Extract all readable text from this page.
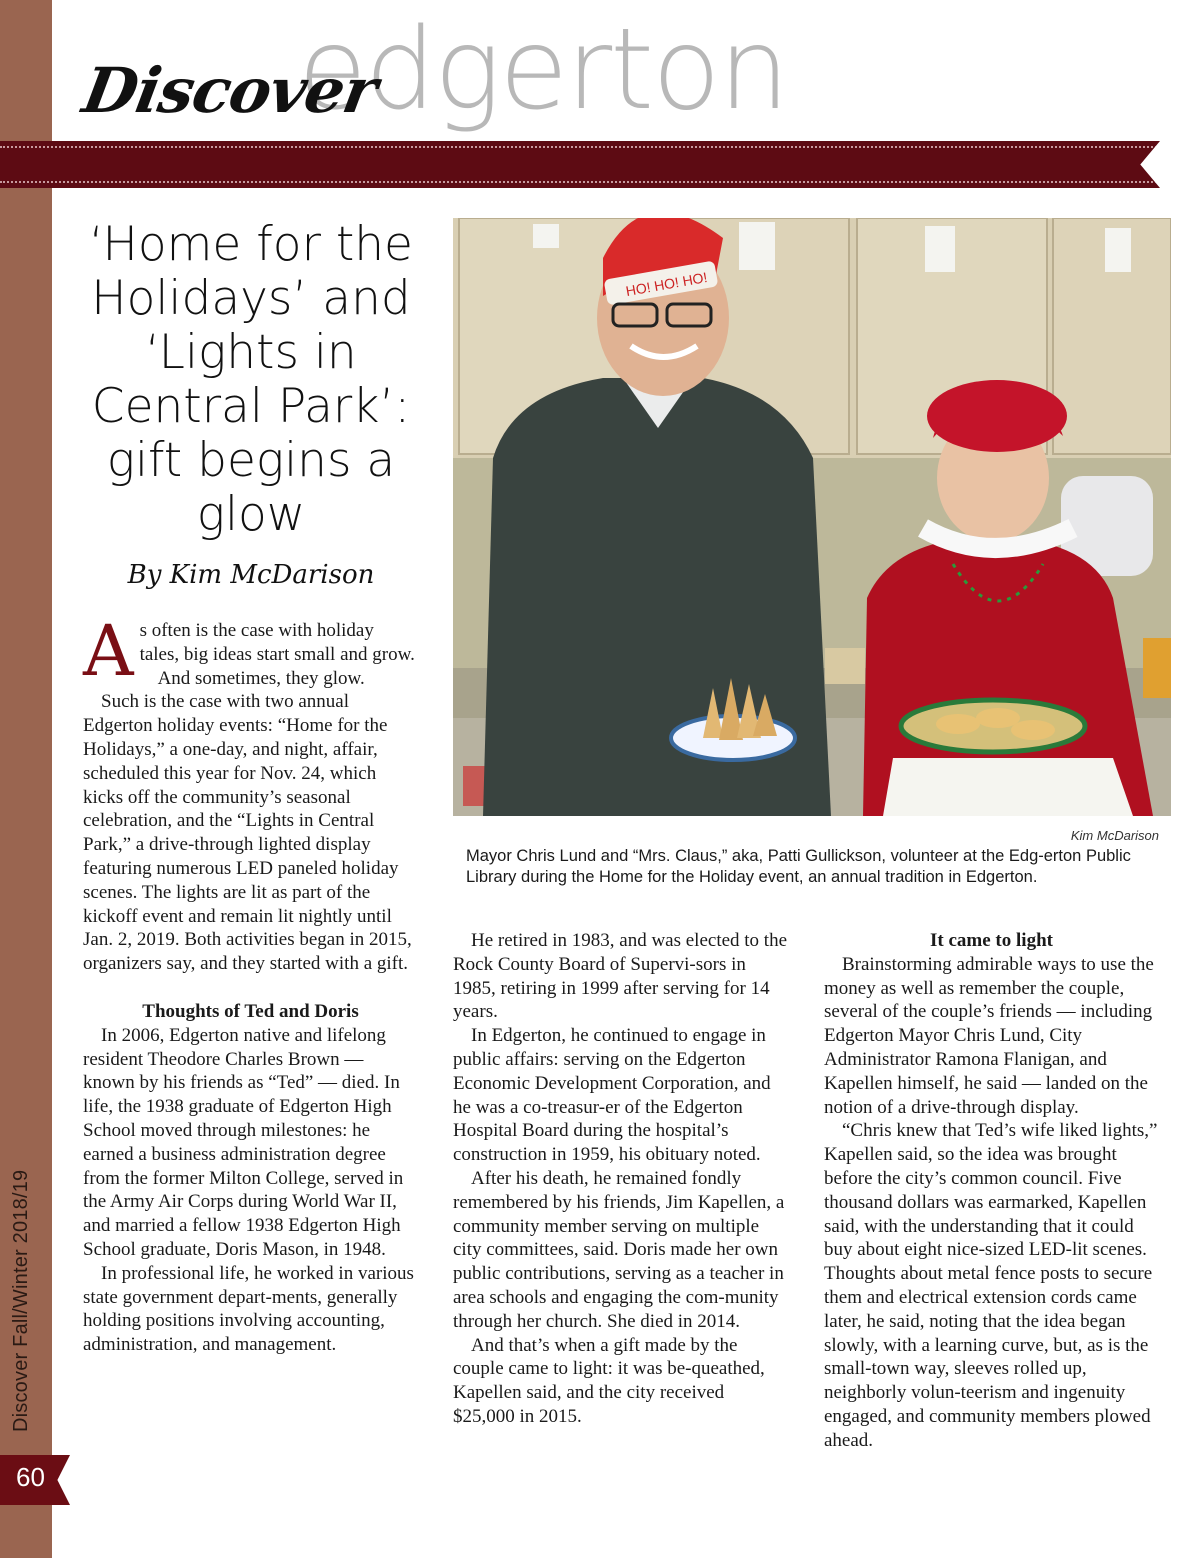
Discover Fall/Winter 2018/19
60
edgerton
Discover
‘Home for the Holidays’ and ‘Lights in Central Park’: gift begins a glow
By Kim McDarison
HO! HO! HO!
Kim McDarison
Mayor Chris Lund and “Mrs. Claus,” aka, Patti Gullickson, volunteer at the Edg-erton Public Library during the Home for the Holiday event, an annual tradition in Edgerton.

As often is the case with holiday tales, big ideas start small and grow.

And sometimes, they glow.

Such is the case with two annual Edgerton holiday events: “Home for the Holidays,” a one-day, and night, affair, scheduled this year for Nov. 24, which kicks off the community’s seasonal celebration, and the “Lights in Central Park,” a drive-through lighted display featuring numerous LED paneled holiday scenes. The lights are lit as part of the kickoff event and remain lit nightly until Jan. 2, 2019. Both activities began in 2015, organizers say, and they started with a gift.

Thoughts of Ted and Doris

In 2006, Edgerton native and lifelong resident Theodore Charles Brown — known by his friends as “Ted” — died. In life, the 1938 graduate of Edgerton High School moved through milestones: he earned a business administration degree from the former Milton College, served in the Army Air Corps during World War II, and married a fellow 1938 Edgerton High School graduate, Doris Mason, in 1948.

In professional life, he worked in various state government depart-ments, generally holding positions involving accounting, administration, and management.

He retired in 1983, and was elected to the Rock County Board of Supervi-sors in 1985, retiring in 1999 after serving for 14 years.

In Edgerton, he continued to engage in public affairs: serving on the Edgerton Economic Development Corporation, and he was a co-treasur-er of the Edgerton Hospital Board during the hospital’s construction in 1959, his obituary noted.

After his death, he remained fondly remembered by his friends, Jim Kapellen, a community member serving on multiple city committees, said. Doris made her own public contributions, serving as a teacher in area schools and engaging the com-munity through her church. She died in 2014.

And that’s when a gift made by the couple came to light: it was be-queathed, Kapellen said, and the city received $25,000 in 2015.

It came to light

Brainstorming admirable ways to use the money as well as remember the couple, several of the couple’s friends — including Edgerton Mayor Chris Lund, City Administrator Ramona Flanigan, and Kapellen himself, he said — landed on the notion of a drive-through display.

“Chris knew that Ted’s wife liked lights,” Kapellen said, so the idea was brought before the city’s common council. Five thousand dollars was earmarked, Kapellen said, with the understanding that it could buy about eight nice-sized LED-lit scenes. Thoughts about metal fence posts to secure them and electrical extension cords came later, he said, noting that the idea began slowly, with a learning curve, but, as is the small-town way, sleeves rolled up, neighborly volun-teerism and ingenuity engaged, and community members plowed ahead.
